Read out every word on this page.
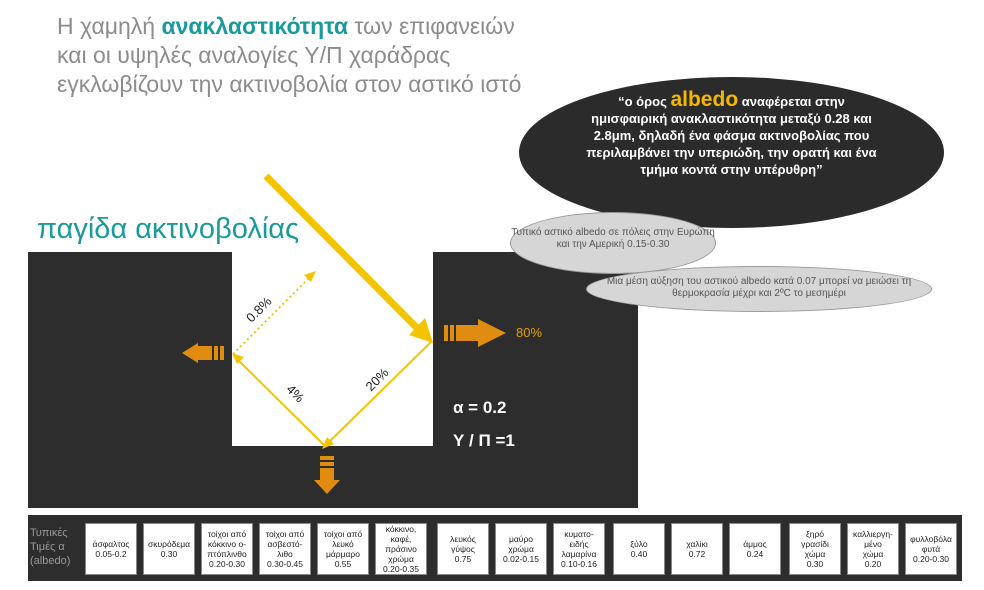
Η χαμηλή ανακλαστικότητα των επιφανειών
και οι υψηλές αναλογίες Υ/Π χαράδρας
εγκλωβίζουν την ακτινοβολία στον αστικό ιστό
παγίδα ακτινοβολίας
“ο όρος albedo αναφέρεται στην ημισφαιρική ανακλαστικότητα μεταξύ 0.28 και 2.8μm, δηλαδή ένα φάσμα ακτινοβολίας που περιλαμβάνει την υπεριώδη, την ορατή και ένα τμήμα κοντά στην υπέρυθρη”
Τυπικό αστικό albedo σε πόλεις στην Ευρώπη και την Αμερική 0.15-0.30
Μια μέση αύξηση του αστικού albedo κατά 0.07 μπορεί να μειώσει τη θερμοκρασία μέχρι και 2ºC το μεσημέρι
0.8%
4%	20%
80%
α = 0.2
Υ / Π =1
Τυπικές Τιμές α (albedo)
άσφαλτος
0.05-0.2
σκυρόδεμα
0.30
τοίχοι από
κόκκινο ο-
πτόπλινθο
0.20-0.30
τοίχοι από
ασβεστό-
λιθο
0.30-0.45
τοίχοι από
λευκό
μάρμαρο
0.55
κόκκινο, καφέ, πράσινο
χρώμα
0.20-0.35
λευκός
γύψος
0.75
μαύρο
χρώμα
0.02-0.15
κυματο-
ειδής
λαμαρίνα
0.10-0.16
ξύλο
0.40
χαλίκι
0.72
άμμος
0.24
ξηρό
γρασίδι
χώμα
0.30
καλλιεργη-
μένο
χώμα
0.20
φυλλοβόλα
φυτά
0.20-0.30
